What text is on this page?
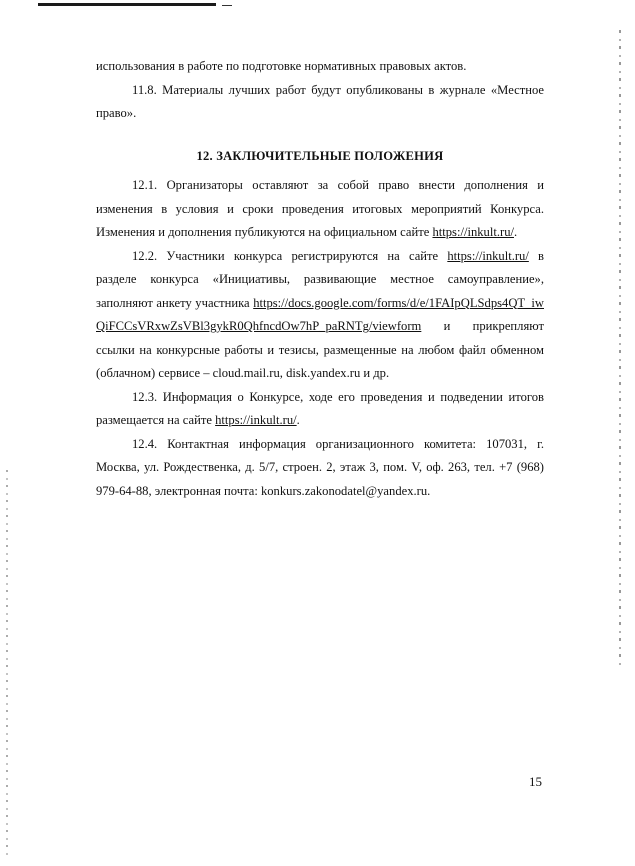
использования в работе по подготовке нормативных правовых актов.

11.8. Материалы лучших работ будут опубликованы в журнале «Местное право».

12. ЗАКЛЮЧИТЕЛЬНЫЕ ПОЛОЖЕНИЯ

12.1. Организаторы оставляют за собой право внести дополнения и изменения в условия и сроки проведения итоговых мероприятий Конкурса. Изменения и дополнения публикуются на официальном сайте https://inkult.ru/.

12.2. Участники конкурса регистрируются на сайте https://inkult.ru/ в разделе конкурса «Инициативы, развивающие местное самоуправление», заполняют анкету участника https://docs.google.com/forms/d/e/1FAIpQLSdps4QT_iwQiFCCsVRxwZsVBl3gykR0QhfncdOw7hP_paRNTg/viewform и прикрепляют ссылки на конкурсные работы и тезисы, размещенные на любом файл обменном (облачном) сервисе – cloud.mail.ru, disk.yandex.ru и др.

12.3. Информация о Конкурсе, ходе его проведения и подведении итогов размещается на сайте https://inkult.ru/.

12.4. Контактная информация организационного комитета: 107031, г. Москва, ул. Рождественка, д. 5/7, строен. 2, этаж 3, пом. V, оф. 263, тел. +7 (968) 979-64-88, электронная почта: konkurs.zakonodatel@yandex.ru.

15
